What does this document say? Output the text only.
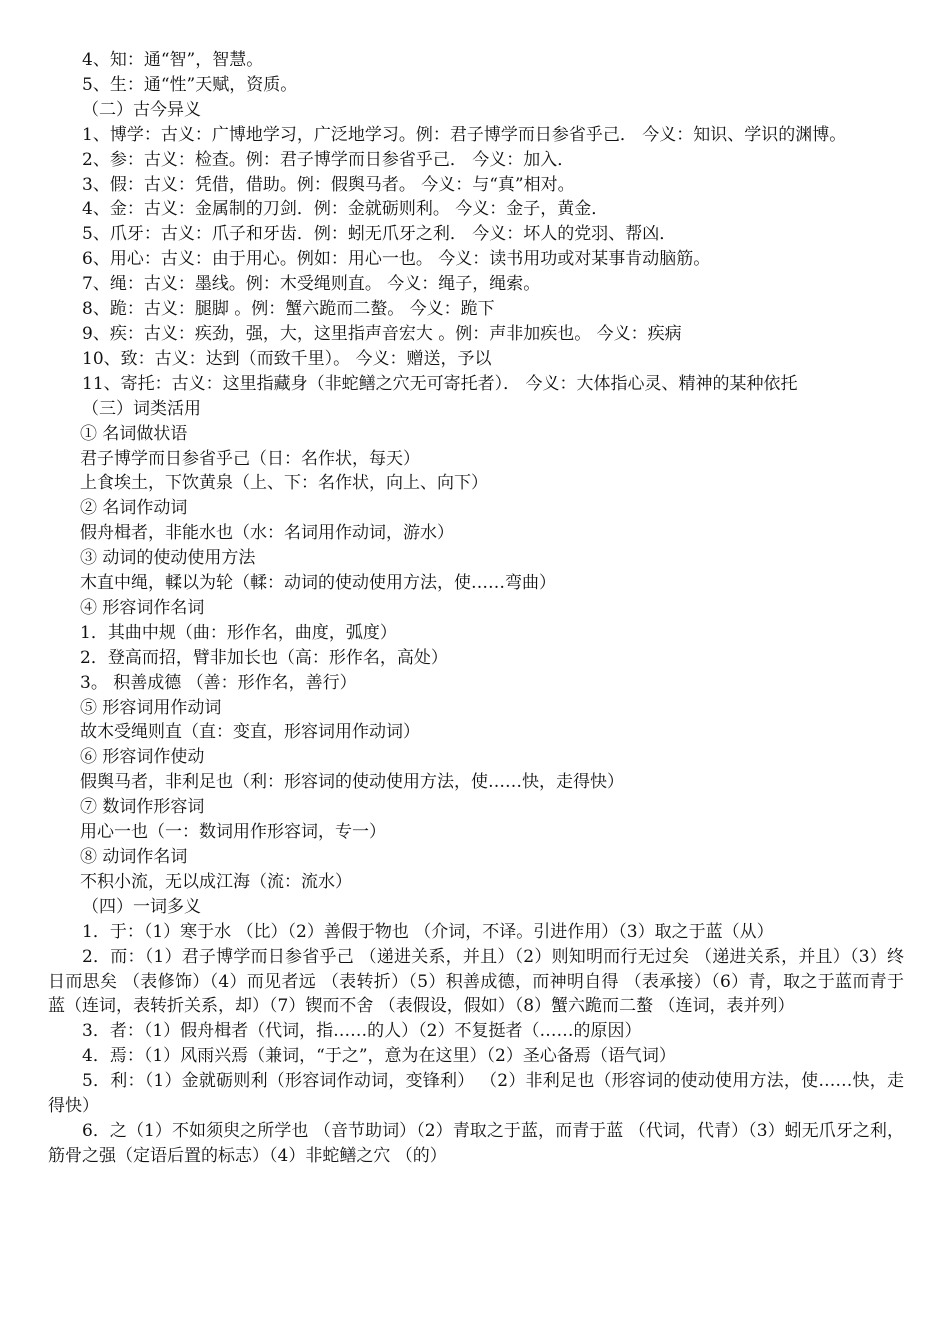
4、知：通“智”，智慧。

5、生：通“性”天赋，资质。

（二）古今异义

1、博学：古义：广博地学习，广泛地学习。例：君子博学而日参省乎己． 今义：知识、学识的渊博。

2、参：古义：检查。例：君子博学而日参省乎己． 今义：加入．

3、假：古义：凭借，借助。例：假舆马者。 今义：与“真”相对。

4、金：古义：金属制的刀剑．例：金就砺则利。 今义：金子，黄金．

5、爪牙：古义：爪子和牙齿．例：蚓无爪牙之利． 今义：坏人的党羽、帮凶．

6、用心：古义：由于用心。例如：用心一也。 今义：读书用功或对某事肯动脑筋。

7、绳：古义：墨线。例：木受绳则直。 今义：绳子，绳索。

8、跪：古义：腿脚 。例：蟹六跪而二螯。 今义：跪下

9、疾：古义：疾劲，强，大，这里指声音宏大 。例：声非加疾也。 今义：疾病

10、致：古义：达到（而致千里）。 今义：赠送，予以

11、寄托：古义：这里指藏身（非蛇鳝之穴无可寄托者）． 今义：大体指心灵、精神的某种依托

（三）词类活用

① 名词做状语

君子博学而日参省乎己（日：名作状，每天）

上食埃土，下饮黄泉（上、下：名作状，向上、向下）

② 名词作动词

假舟楫者，非能水也（水：名词用作动词，游水）

③ 动词的使动使用方法

木直中绳，輮以为轮（輮：动词的使动使用方法，使……弯曲）

④ 形容词作名词

1．其曲中规（曲：形作名，曲度，弧度）

2．登高而招，臂非加长也（高：形作名，高处）

3。 积善成德 （善：形作名，善行）

⑤ 形容词用作动词

故木受绳则直（直：变直，形容词用作动词）

⑥ 形容词作使动

假舆马者，非利足也（利：形容词的使动使用方法，使……快，走得快）

⑦ 数词作形容词

用心一也（一：数词用作形容词，专一）

⑧ 动词作名词

不积小流，无以成江海（流：流水）

（四）一词多义

1．于：（1）寒于水 （比）（2）善假于物也 （介词，不译。引进作用）（3）取之于蓝（从）

2．而：（1）君子博学而日参省乎己 （递进关系，并且）（2）则知明而行无过矣 （递进关系，并且）（3）终日而思矣 （表修饰）（4）而见者远 （表转折）（5）积善成德，而神明自得 （表承接）（6）青，取之于蓝而青于蓝（连词，表转折关系，却）（7）锲而不舍 （表假设，假如）（8）蟹六跪而二螯 （连词，表并列）

3．者：（1）假舟楫者（代词，指……的人）（2）不复挺者（……的原因）

4．焉：（1）风雨兴焉（兼词，“于之”，意为在这里）（2）圣心备焉（语气词）

5．利：（1）金就砺则利（形容词作动词，变锋利） （2）非利足也（形容词的使动使用方法，使……快，走得快）

6．之（1）不如须臾之所学也 （音节助词）（2）青取之于蓝，而青于蓝 （代词，代青）（3）蚓无爪牙之利，筋骨之强（定语后置的标志）（4）非蛇鳝之穴 （的）
